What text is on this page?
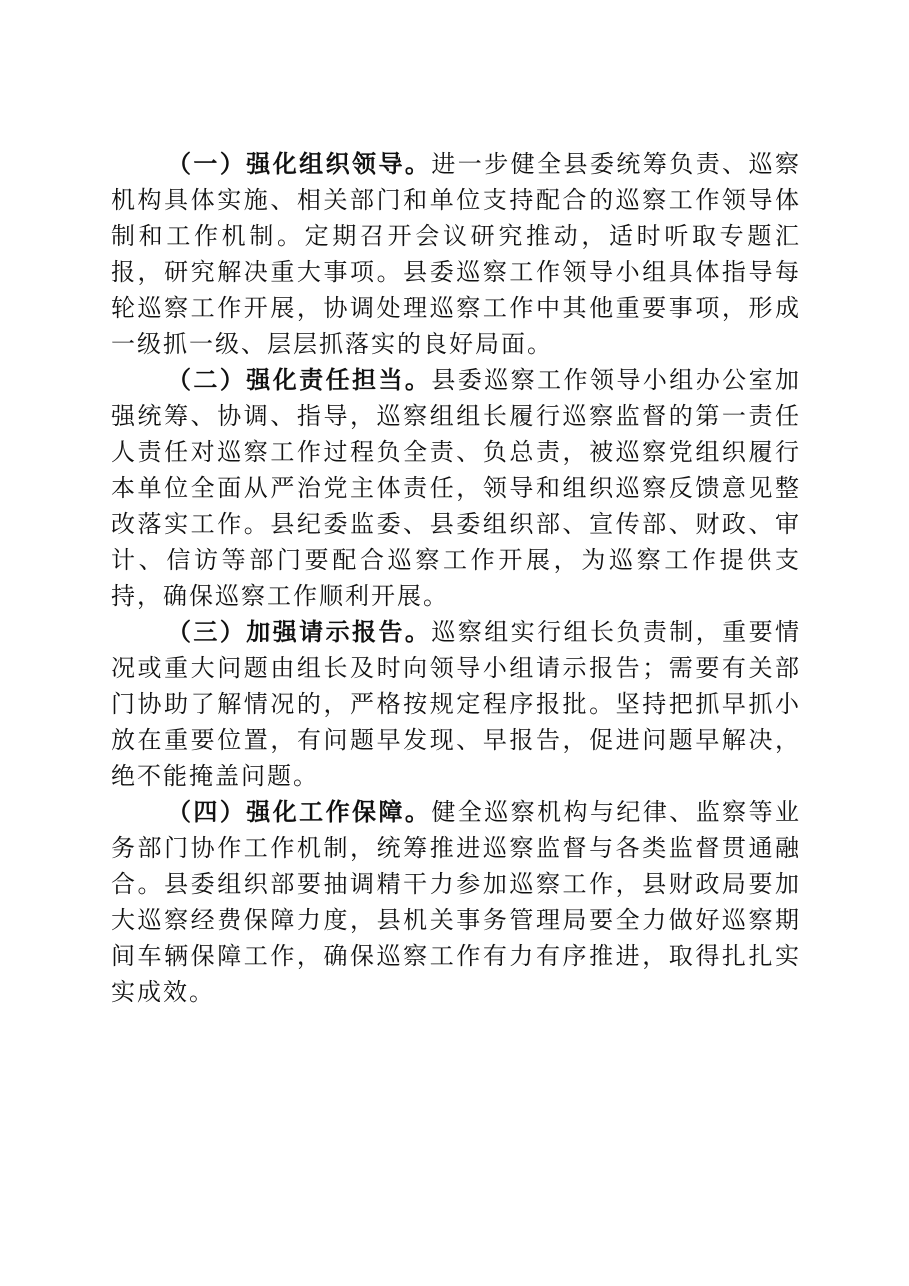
（一）强化组织领导。进一步健全县委统筹负责、巡察机构具体实施、相关部门和单位支持配合的巡察工作领导体制和工作机制。定期召开会议研究推动，适时听取专题汇报，研究解决重大事项。县委巡察工作领导小组具体指导每轮巡察工作开展，协调处理巡察工作中其他重要事项，形成一级抓一级、层层抓落实的良好局面。

（二）强化责任担当。县委巡察工作领导小组办公室加强统筹、协调、指导，巡察组组长履行巡察监督的第一责任人责任对巡察工作过程负全责、负总责，被巡察党组织履行本单位全面从严治党主体责任，领导和组织巡察反馈意见整改落实工作。县纪委监委、县委组织部、宣传部、财政、审计、信访等部门要配合巡察工作开展，为巡察工作提供支持，确保巡察工作顺利开展。

（三）加强请示报告。巡察组实行组长负责制，重要情况或重大问题由组长及时向领导小组请示报告；需要有关部门协助了解情况的，严格按规定程序报批。坚持把抓早抓小放在重要位置，有问题早发现、早报告，促进问题早解决，绝不能掩盖问题。

（四）强化工作保障。健全巡察机构与纪律、监察等业务部门协作工作机制，统筹推进巡察监督与各类监督贯通融合。县委组织部要抽调精干力参加巡察工作，县财政局要加大巡察经费保障力度，县机关事务管理局要全力做好巡察期间车辆保障工作，确保巡察工作有力有序推进，取得扎扎实实成效。
